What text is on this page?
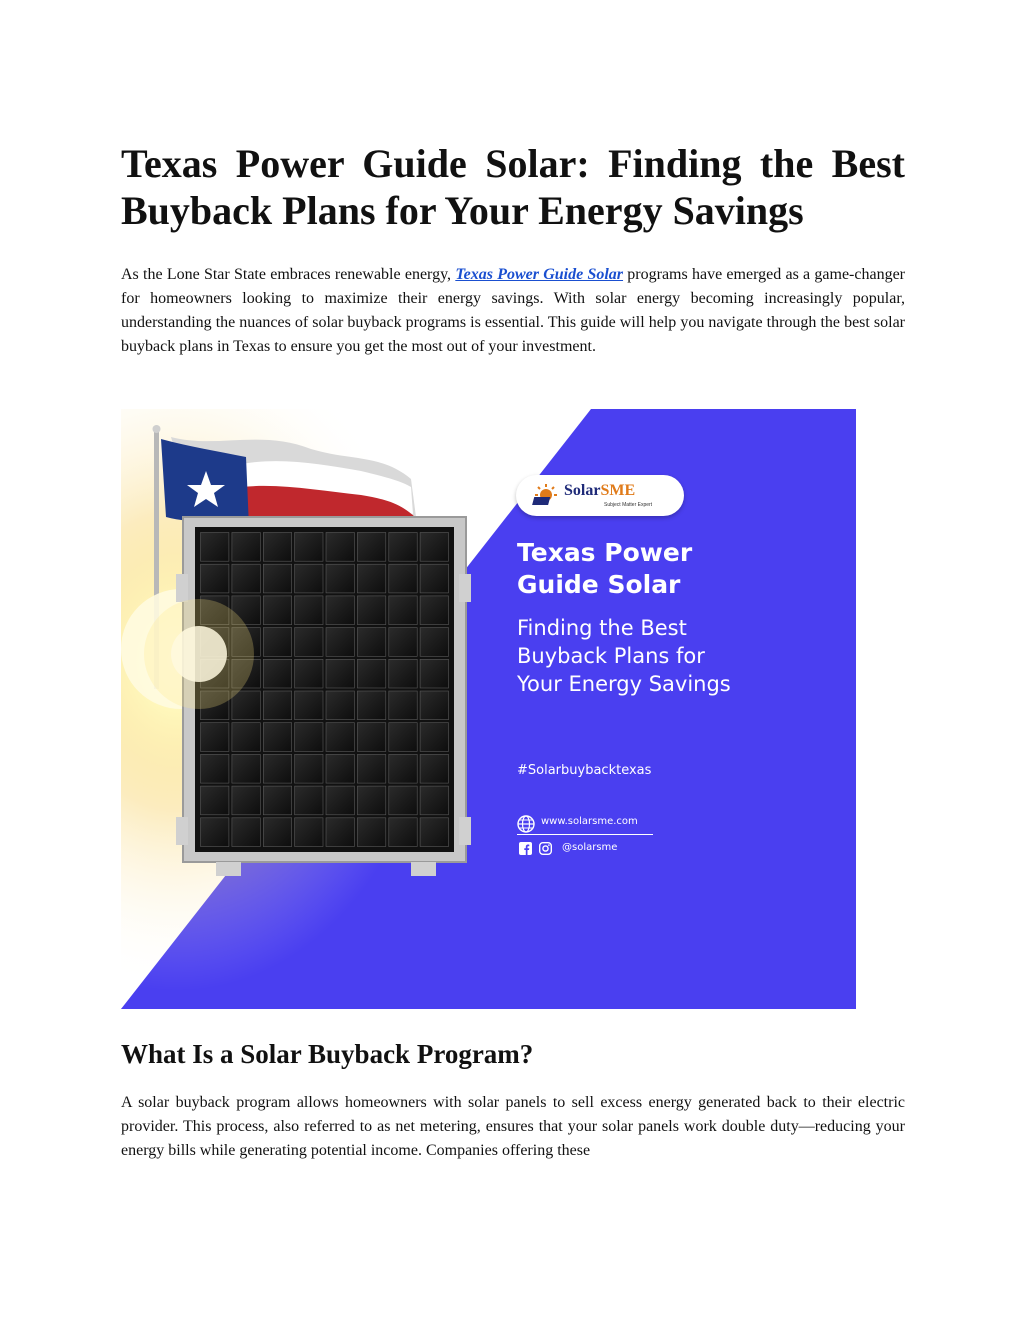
Texas Power Guide Solar: Finding the Best
Buyback Plans for Your Energy Savings

As the Lone Star State embraces renewable energy, Texas Power Guide Solar programs have emerged as a game-changer for homeowners looking to maximize their energy savings. With solar energy becoming increasingly popular, understanding the nuances of solar buyback programs is essential. This guide will help you navigate through the best solar buyback plans in Texas to ensure you get the most out of your investment.

SolarSME
Subject Matter Expert
Texas Power
Guide Solar

Finding the Best
Buyback Plans for
Your Energy Savings

#Solarbuybacktexas
www.solarsme.com
@solarsme
What Is a Solar Buyback Program?

A solar buyback program allows homeowners with solar panels to sell excess energy generated back to their electric provider. This process, also referred to as net metering, ensures that your solar panels work double duty—reducing your energy bills while generating potential income. Companies offering these
